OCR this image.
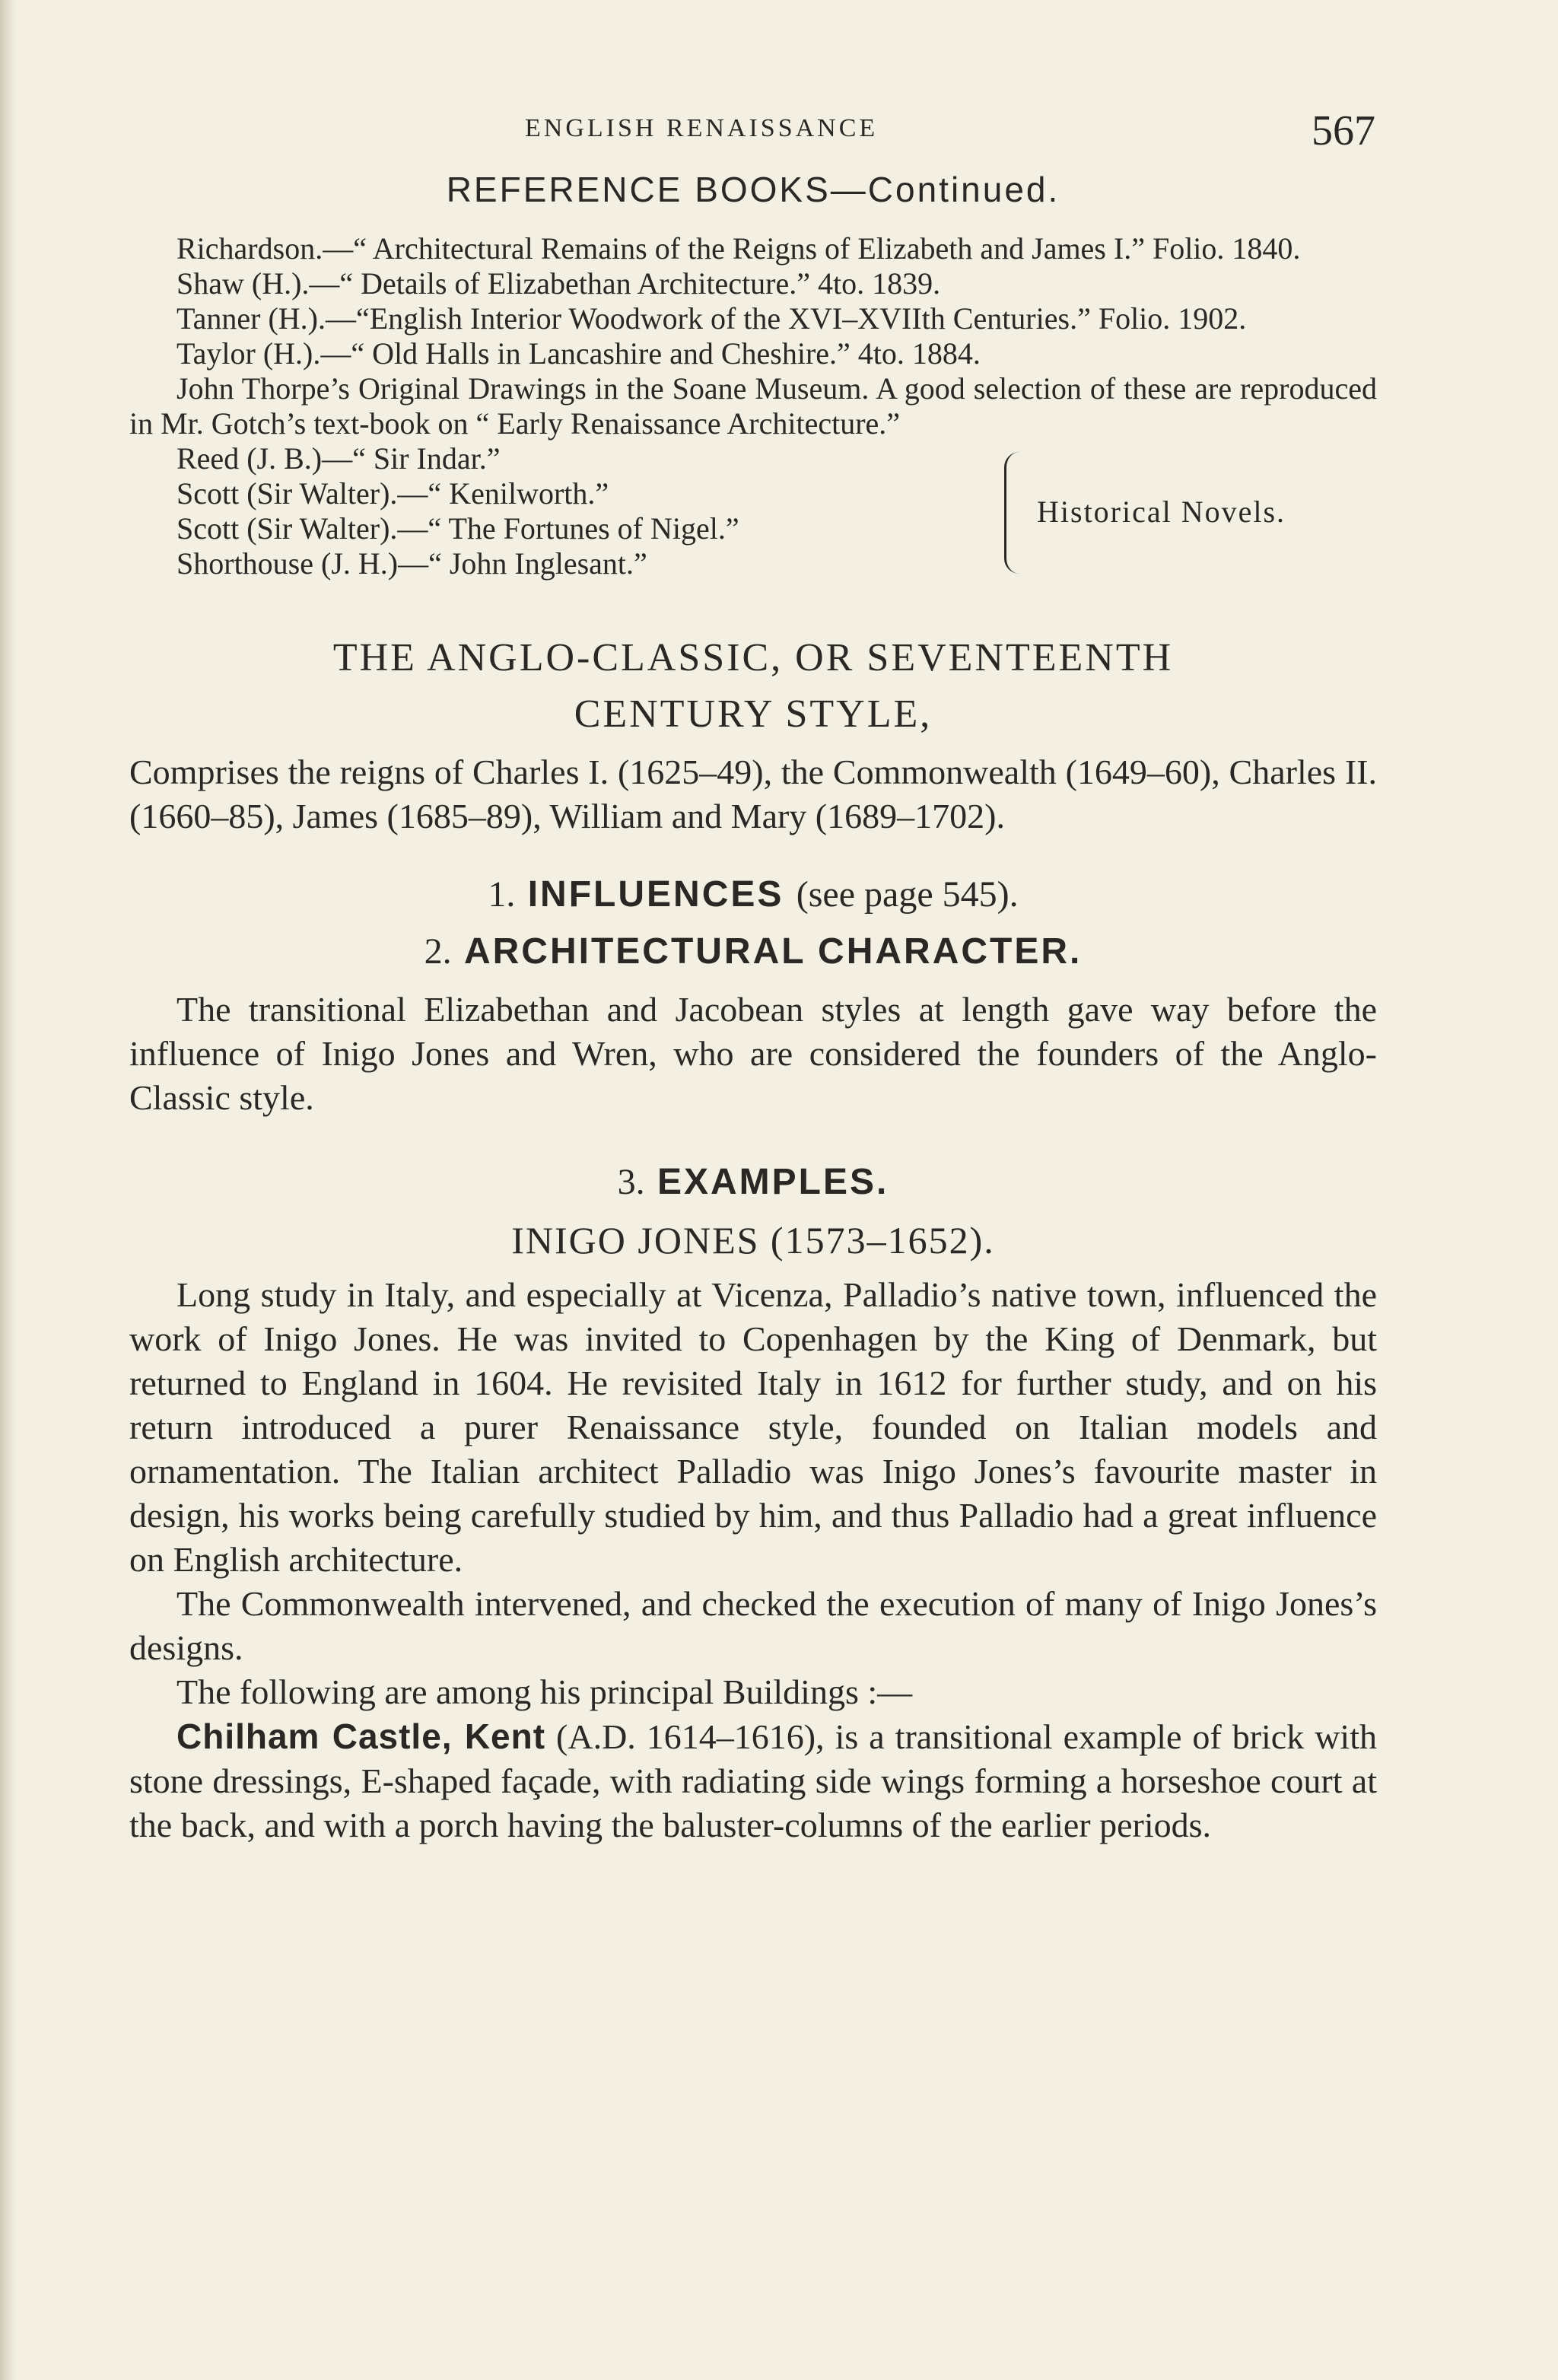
ENGLISH RENAISSANCE	567
REFERENCE BOOKS—Continued.

Richardson.—“ Architectural Remains of the Reigns of Elizabeth and James I.” Folio. 1840.

Shaw (H.).—“ Details of Elizabethan Architecture.” 4to. 1839.

Tanner (H.).—“English Interior Woodwork of the XVI–XVIIth Centuries.” Folio. 1902.

Taylor (H.).—“ Old Halls in Lancashire and Cheshire.” 4to. 1884.

John Thorpe’s Original Drawings in the Soane Museum. A good selection of these are reproduced in Mr. Gotch’s text-book on “ Early Renaissance Architecture.”

Reed (J. B.)—“ Sir Indar.”
Scott (Sir Walter).—“ Kenilworth.”
Scott (Sir Walter).—“ The Fortunes of Nigel.”
Shorthouse (J. H.)—“ John Inglesant.”
Historical Novels.
THE ANGLO-CLASSIC, OR SEVENTEENTH
CENTURY STYLE,

Comprises the reigns of Charles I. (1625–49), the Commonwealth (1649–60), Charles II. (1660–85), James (1685–89), William and Mary (1689–1702).

1. INFLUENCES (see page 545).
2. ARCHITECTURAL CHARACTER.

The transitional Elizabethan and Jacobean styles at length gave way before the influence of Inigo Jones and Wren, who are considered the founders of the Anglo-Classic style.

3. EXAMPLES.
INIGO JONES (1573–1652).

Long study in Italy, and especially at Vicenza, Palladio’s native town, influenced the work of Inigo Jones. He was invited to Copenhagen by the King of Denmark, but returned to England in 1604. He revisited Italy in 1612 for further study, and on his return introduced a purer Renaissance style, founded on Italian models and ornamentation. The Italian architect Palladio was Inigo Jones’s favourite master in design, his works being carefully studied by him, and thus Palladio had a great influence on English architecture.

The Commonwealth intervened, and checked the execution of many of Inigo Jones’s designs.

The following are among his principal Buildings :—

Chilham Castle, Kent (A.D. 1614–1616), is a transitional example of brick with stone dressings, E-shaped façade, with radiating side wings forming a horseshoe court at the back, and with a porch having the baluster-columns of the earlier periods.
